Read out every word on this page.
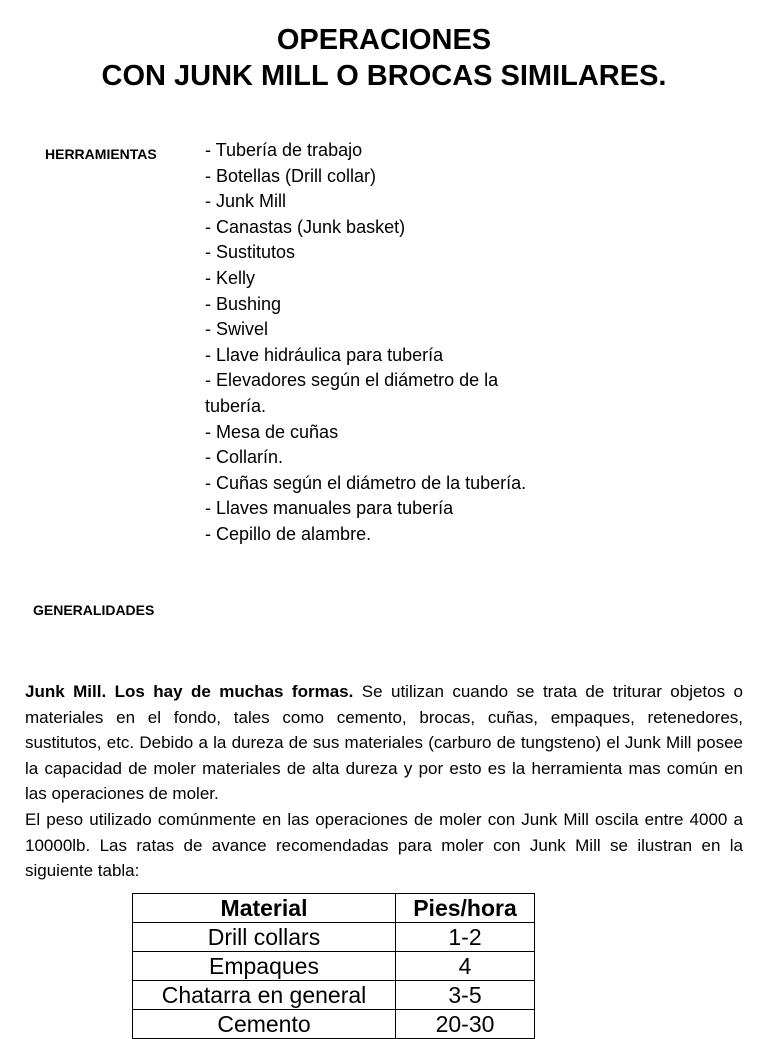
OPERACIONES
CON JUNK MILL O BROCAS SIMILARES.
HERRAMIENTAS	- Tubería de trabajo
- Botellas (Drill collar)
- Junk Mill
- Canastas (Junk basket)
- Sustitutos
- Kelly
- Bushing
- Swivel
- Llave hidráulica para tubería
- Elevadores según el diámetro de la tubería.
- Mesa de cuñas
- Collarín.
- Cuñas según el diámetro de la tubería.
- Llaves manuales para tubería
- Cepillo de alambre.
GENERALIDADES

Junk Mill. Los hay de muchas formas. Se utilizan cuando se trata de triturar objetos o materiales en el fondo, tales como cemento, brocas, cuñas, empaques, retenedores, sustitutos, etc. Debido a la dureza de sus materiales (carburo de tungsteno) el Junk Mill posee la capacidad de moler materiales de alta dureza y por esto es la herramienta mas común en las operaciones de moler.

El peso utilizado comúnmente en las operaciones de moler con Junk Mill oscila entre 4000 a 10000lb. Las ratas de avance recomendadas para moler con Junk Mill se ilustran en la siguiente tabla:

Material	Pies/hora
Drill collars	1-2
Empaques	4
Chatarra en general	3-5
Cemento	20-30
